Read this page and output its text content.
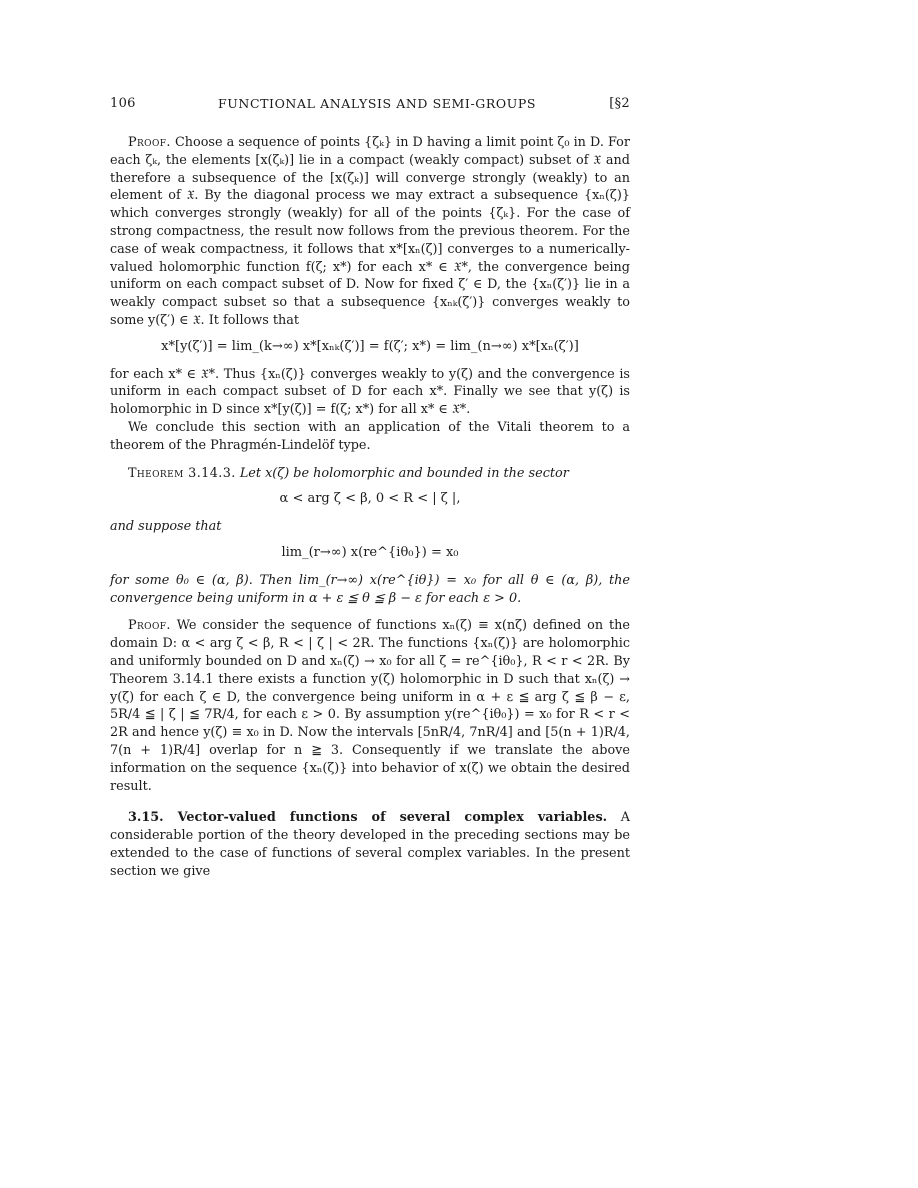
106	FUNCTIONAL ANALYSIS AND SEMI-GROUPS	[§2

Proof. Choose a sequence of points {ζₖ} in D having a limit point ζ₀ in D. For each ζₖ, the elements [x(ζₖ)] lie in a compact (weakly compact) subset of 𝔛 and therefore a subsequence of the [x(ζₖ)] will converge strongly (weakly) to an element of 𝔛. By the diagonal process we may extract a subsequence {xₙ(ζ)} which converges strongly (weakly) for all of the points {ζₖ}. For the case of strong compactness, the result now follows from the previous theorem. For the case of weak compactness, it follows that x*[xₙ(ζ)] converges to a numerically-valued holomorphic function f(ζ; x*) for each x* ∈ 𝔛*, the convergence being uniform on each compact subset of D. Now for fixed ζ′ ∈ D, the {xₙ(ζ′)} lie in a weakly compact subset so that a subsequence {xₙₖ(ζ′)} converges weakly to some y(ζ′) ∈ 𝔛. It follows that

x*[y(ζ′)] = lim_(k→∞) x*[xₙₖ(ζ′)] = f(ζ′; x*) = lim_(n→∞) x*[xₙ(ζ′)]

for each x* ∈ 𝔛*. Thus {xₙ(ζ)} converges weakly to y(ζ) and the convergence is uniform in each compact subset of D for each x*. Finally we see that y(ζ) is holomorphic in D since x*[y(ζ)] = f(ζ; x*) for all x* ∈ 𝔛*.

We conclude this section with an application of the Vitali theorem to a theorem of the Phragmén-Lindelöf type.

Theorem 3.14.3. Let x(ζ) be holomorphic and bounded in the sector

α < arg ζ < β, 0 < R < | ζ |,

and suppose that

lim_(r→∞) x(re^{iθ₀}) = x₀

for some θ₀ ∈ (α, β). Then lim_(r→∞) x(re^{iθ}) = x₀ for all θ ∈ (α, β), the convergence being uniform in α + ε ≦ θ ≦ β − ε for each ε > 0.

Proof. We consider the sequence of functions xₙ(ζ) ≡ x(nζ) defined on the domain D: α < arg ζ < β, R < | ζ | < 2R. The functions {xₙ(ζ)} are holomorphic and uniformly bounded on D and xₙ(ζ) → x₀ for all ζ = re^{iθ₀}, R < r < 2R. By Theorem 3.14.1 there exists a function y(ζ) holomorphic in D such that xₙ(ζ) → y(ζ) for each ζ ∈ D, the convergence being uniform in α + ε ≦ arg ζ ≦ β − ε, 5R/4 ≦ | ζ | ≦ 7R/4, for each ε > 0. By assumption y(re^{iθ₀}) = x₀ for R < r < 2R and hence y(ζ) ≡ x₀ in D. Now the intervals [5nR/4, 7nR/4] and [5(n + 1)R/4, 7(n + 1)R/4] overlap for n ≧ 3. Consequently if we translate the above information on the sequence {xₙ(ζ)} into behavior of x(ζ) we obtain the desired result.

3.15. Vector-valued functions of several complex variables. A considerable portion of the theory developed in the preceding sections may be extended to the case of functions of several complex variables. In the present section we give
